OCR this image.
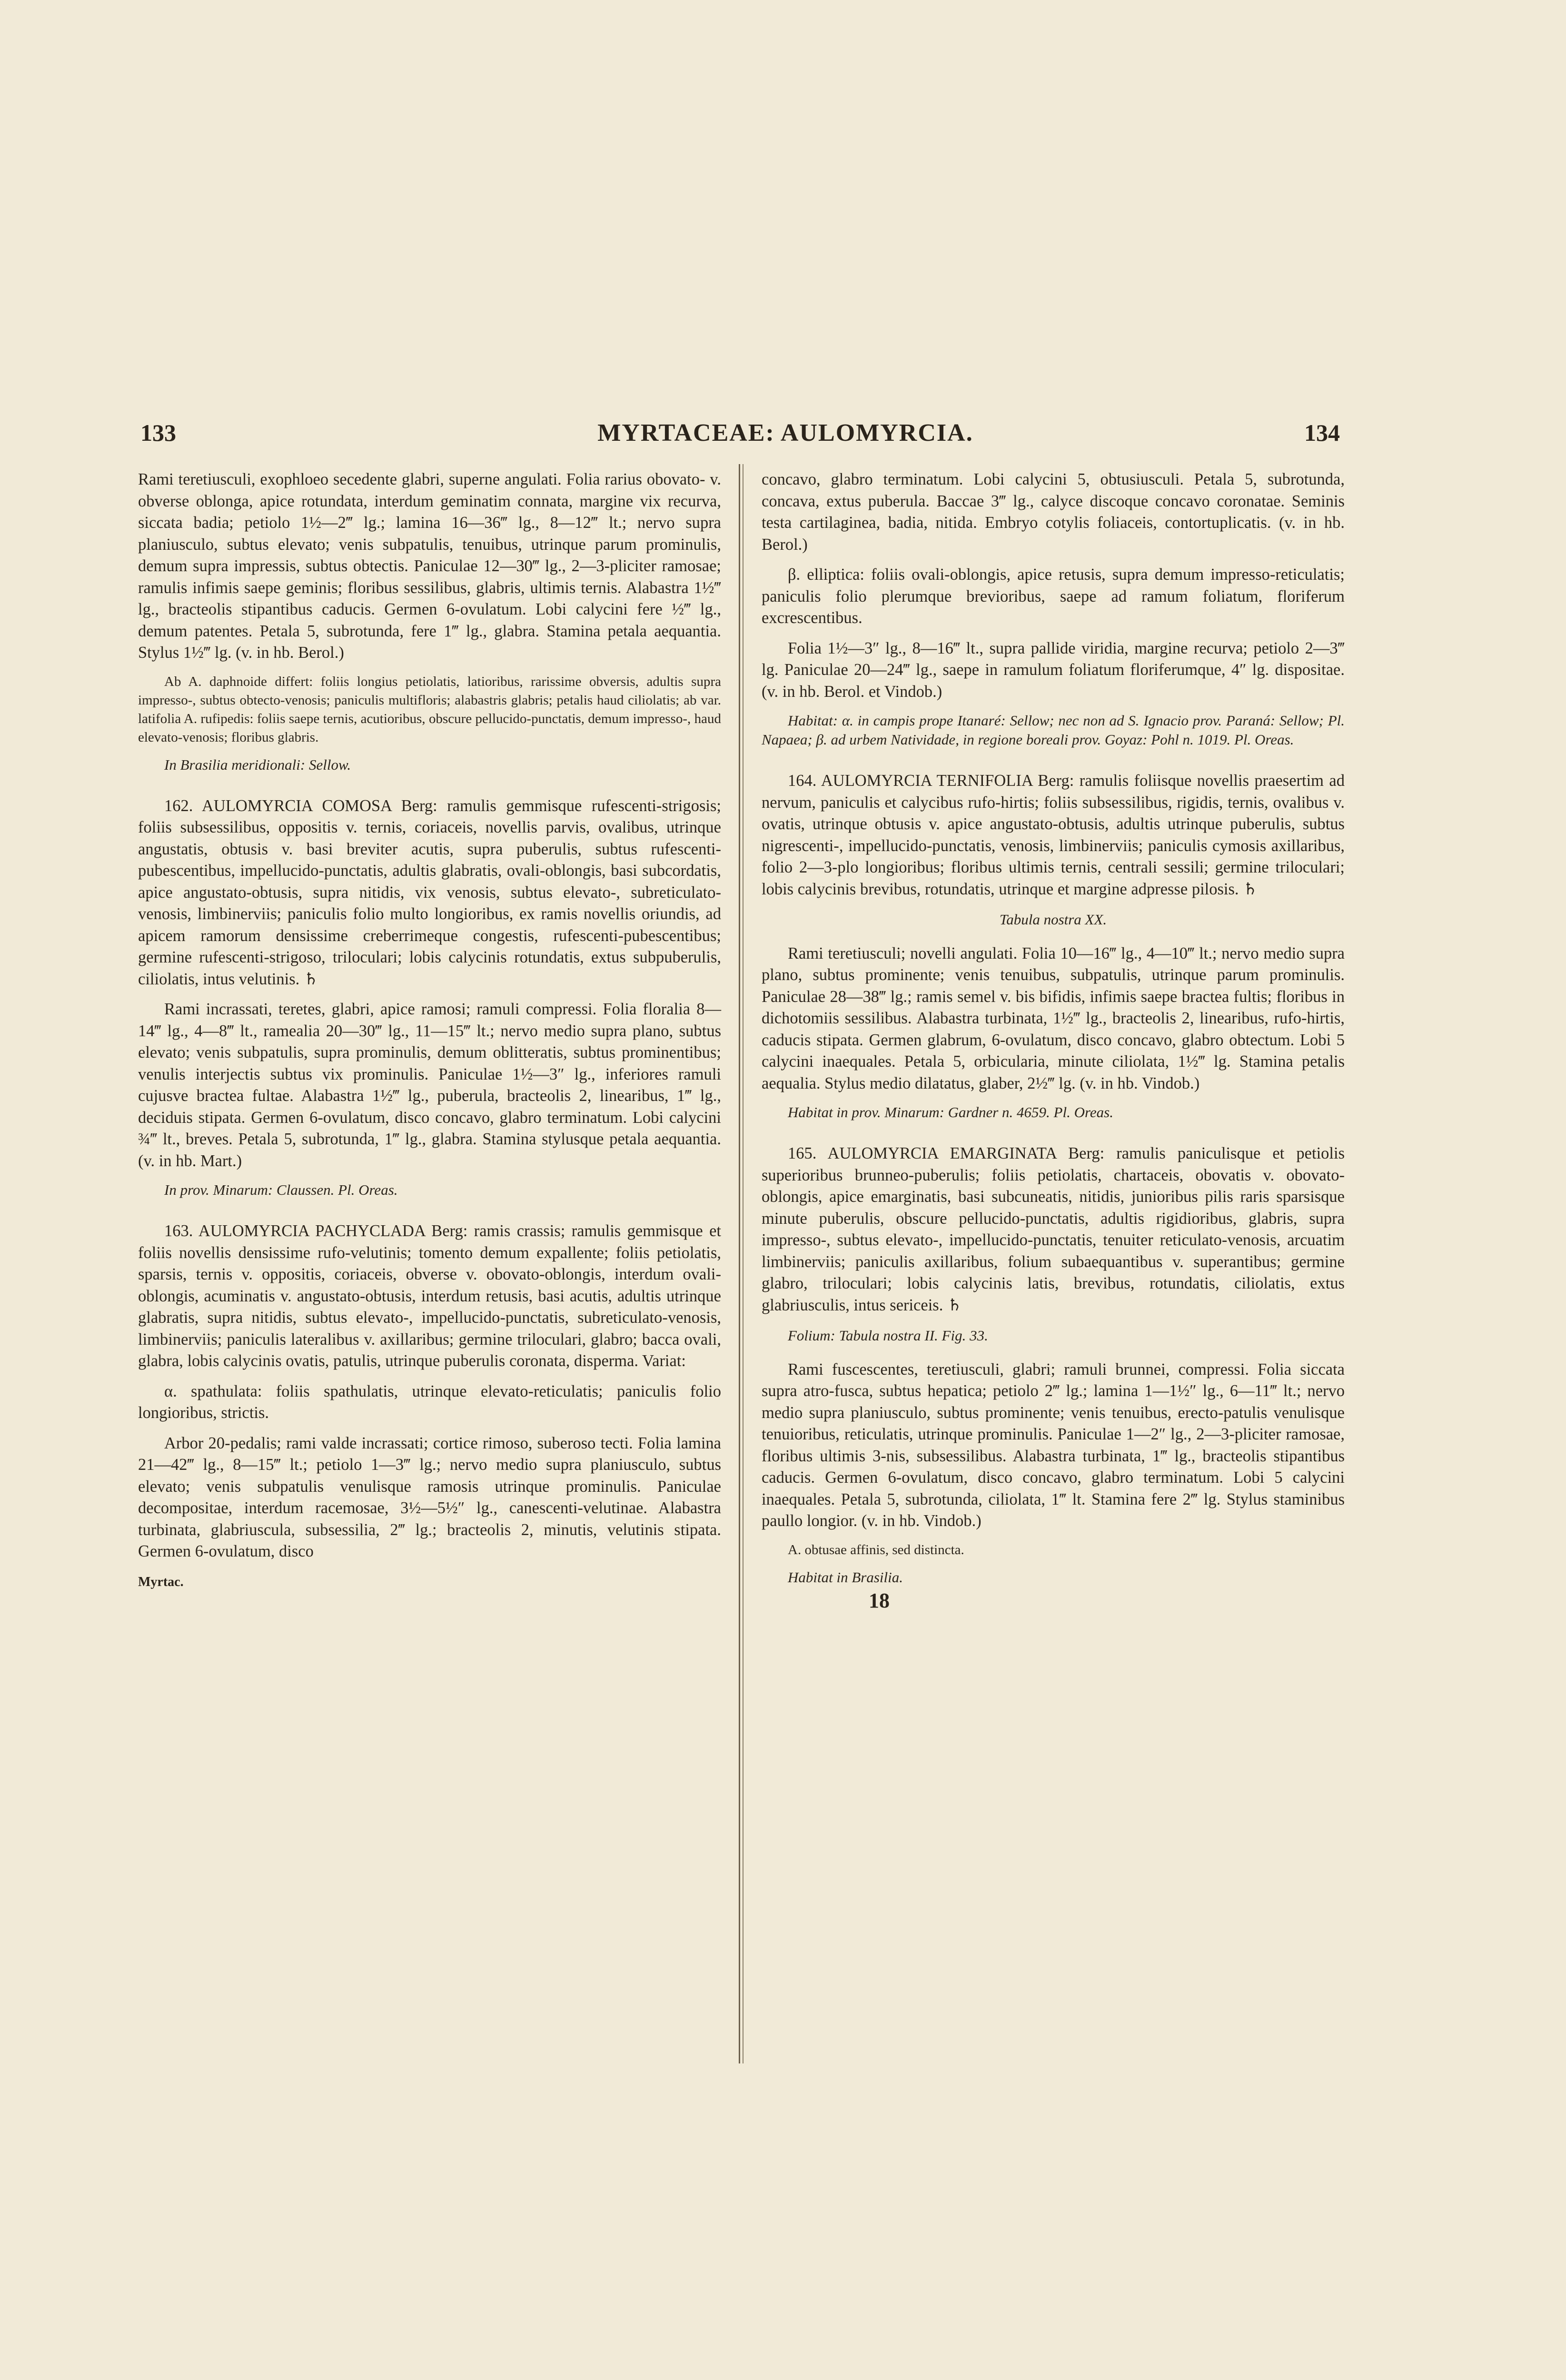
133	MYRTACEAE: AULOMYRCIA.	134

Rami teretiusculi, exophloeo secedente glabri, superne angulati. Folia rarius obovato- v. obverse oblonga, apice rotundata, interdum geminatim connata, margine vix recurva, siccata badia; petiolo 1½—2‴ lg.; lamina 16—36‴ lg., 8—12‴ lt.; nervo supra planiusculo, subtus elevato; venis subpatulis, tenuibus, utrinque parum prominulis, demum supra impressis, subtus obtectis. Paniculae 12—30‴ lg., 2—3-pliciter ramosae; ramulis infimis saepe geminis; floribus sessilibus, glabris, ultimis ternis. Alabastra 1½‴ lg., bracteolis stipantibus caducis. Germen 6-ovulatum. Lobi calycini fere ½‴ lg., demum patentes. Petala 5, subrotunda, fere 1‴ lg., glabra. Stamina petala aequantia. Stylus 1½‴ lg. (v. in hb. Berol.)

Ab A. daphnoide differt: foliis longius petiolatis, latioribus, rarissime obversis, adultis supra impresso-, subtus obtecto-venosis; paniculis multifloris; alabastris glabris; petalis haud ciliolatis; ab var. latifolia A. rufipedis: foliis saepe ternis, acutioribus, obscure pellucido-punctatis, demum impresso-, haud elevato-venosis; floribus glabris.

In Brasilia meridionali: Sellow.

162. AULOMYRCIA COMOSA Berg: ramulis gemmisque rufescenti-strigosis; foliis subsessilibus, oppositis v. ternis, coriaceis, novellis parvis, ovalibus, utrinque angustatis, obtusis v. basi breviter acutis, supra puberulis, subtus rufescenti-pubescentibus, impellucido-punctatis, adultis glabratis, ovali-oblongis, basi subcordatis, apice angustato-obtusis, supra nitidis, vix venosis, subtus elevato-, subreticulato-venosis, limbinerviis; paniculis folio multo longioribus, ex ramis novellis oriundis, ad apicem ramorum densissime creberrimeque congestis, rufescenti-pubescentibus; germine rufescenti-strigoso, triloculari; lobis calycinis rotundatis, extus subpuberulis, ciliolatis, intus velutinis. ♄

Rami incrassati, teretes, glabri, apice ramosi; ramuli compressi. Folia floralia 8—14‴ lg., 4—8‴ lt., ramealia 20—30‴ lg., 11—15‴ lt.; nervo medio supra plano, subtus elevato; venis subpatulis, supra prominulis, demum oblitteratis, subtus prominentibus; venulis interjectis subtus vix prominulis. Paniculae 1½—3″ lg., inferiores ramuli cujusve bractea fultae. Alabastra 1½‴ lg., puberula, bracteolis 2, linearibus, 1‴ lg., deciduis stipata. Germen 6-ovulatum, disco concavo, glabro terminatum. Lobi calycini ¾‴ lt., breves. Petala 5, subrotunda, 1‴ lg., glabra. Stamina stylusque petala aequantia. (v. in hb. Mart.)

In prov. Minarum: Claussen. Pl. Oreas.

163. AULOMYRCIA PACHYCLADA Berg: ramis crassis; ramulis gemmisque et foliis novellis densissime rufo-velutinis; tomento demum expallente; foliis petiolatis, sparsis, ternis v. oppositis, coriaceis, obverse v. obovato-oblongis, interdum ovali-oblongis, acuminatis v. angustato-obtusis, interdum retusis, basi acutis, adultis utrinque glabratis, supra nitidis, subtus elevato-, impellucido-punctatis, subreticulato-venosis, limbinerviis; paniculis lateralibus v. axillaribus; germine triloculari, glabro; bacca ovali, glabra, lobis calycinis ovatis, patulis, utrinque puberulis coronata, disperma. Variat:

α. spathulata: foliis spathulatis, utrinque elevato-reticulatis; paniculis folio longioribus, strictis.

Arbor 20-pedalis; rami valde incrassati; cortice rimoso, suberoso tecti. Folia lamina 21—42‴ lg., 8—15‴ lt.; petiolo 1—3‴ lg.; nervo medio supra planiusculo, subtus elevato; venis subpatulis venulisque ramosis utrinque prominulis. Paniculae decompositae, interdum racemosae, 3½—5½″ lg., canescenti-velutinae. Alabastra turbinata, glabriuscula, subsessilia, 2‴ lg.; bracteolis 2, minutis, velutinis stipata. Germen 6-ovulatum, disco

Myrtac.

concavo, glabro terminatum. Lobi calycini 5, obtusiusculi. Petala 5, subrotunda, concava, extus puberula. Baccae 3‴ lg., calyce discoque concavo coronatae. Seminis testa cartilaginea, badia, nitida. Embryo cotylis foliaceis, contortuplicatis. (v. in hb. Berol.)

β. elliptica: foliis ovali-oblongis, apice retusis, supra demum impresso-reticulatis; paniculis folio plerumque brevioribus, saepe ad ramum foliatum, floriferum excrescentibus.

Folia 1½—3″ lg., 8—16‴ lt., supra pallide viridia, margine recurva; petiolo 2—3‴ lg. Paniculae 20—24‴ lg., saepe in ramulum foliatum floriferumque, 4″ lg. dispositae. (v. in hb. Berol. et Vindob.)

Habitat: α. in campis prope Itanaré: Sellow; nec non ad S. Ignacio prov. Paraná: Sellow; Pl. Napaea; β. ad urbem Natividade, in regione boreali prov. Goyaz: Pohl n. 1019. Pl. Oreas.

164. AULOMYRCIA TERNIFOLIA Berg: ramulis foliisque novellis praesertim ad nervum, paniculis et calycibus rufo-hirtis; foliis subsessilibus, rigidis, ternis, ovalibus v. ovatis, utrinque obtusis v. apice angustato-obtusis, adultis utrinque puberulis, subtus nigrescenti-, impellucido-punctatis, venosis, limbinerviis; paniculis cymosis axillaribus, folio 2—3-plo longioribus; floribus ultimis ternis, centrali sessili; germine triloculari; lobis calycinis brevibus, rotundatis, utrinque et margine adpresse pilosis. ♄

Tabula nostra XX.

Rami teretiusculi; novelli angulati. Folia 10—16‴ lg., 4—10‴ lt.; nervo medio supra plano, subtus prominente; venis tenuibus, subpatulis, utrinque parum prominulis. Paniculae 28—38‴ lg.; ramis semel v. bis bifidis, infimis saepe bractea fultis; floribus in dichotomiis sessilibus. Alabastra turbinata, 1½‴ lg., bracteolis 2, linearibus, rufo-hirtis, caducis stipata. Germen glabrum, 6-ovulatum, disco concavo, glabro obtectum. Lobi 5 calycini inaequales. Petala 5, orbicularia, minute ciliolata, 1½‴ lg. Stamina petalis aequalia. Stylus medio dilatatus, glaber, 2½‴ lg. (v. in hb. Vindob.)

Habitat in prov. Minarum: Gardner n. 4659. Pl. Oreas.

165. AULOMYRCIA EMARGINATA Berg: ramulis paniculisque et petiolis superioribus brunneo-puberulis; foliis petiolatis, chartaceis, obovatis v. obovato-oblongis, apice emarginatis, basi subcuneatis, nitidis, junioribus pilis raris sparsisque minute puberulis, obscure pellucido-punctatis, adultis rigidioribus, glabris, supra impresso-, subtus elevato-, impellucido-punctatis, tenuiter reticulato-venosis, arcuatim limbinerviis; paniculis axillaribus, folium subaequantibus v. superantibus; germine glabro, triloculari; lobis calycinis latis, brevibus, rotundatis, ciliolatis, extus glabriusculis, intus sericeis. ♄

Folium: Tabula nostra II. Fig. 33.

Rami fuscescentes, teretiusculi, glabri; ramuli brunnei, compressi. Folia siccata supra atro-fusca, subtus hepatica; petiolo 2‴ lg.; lamina 1—1½″ lg., 6—11‴ lt.; nervo medio supra planiusculo, subtus prominente; venis tenuibus, erecto-patulis venulisque tenuioribus, reticulatis, utrinque prominulis. Paniculae 1—2″ lg., 2—3-pliciter ramosae, floribus ultimis 3-nis, subsessilibus. Alabastra turbinata, 1‴ lg., bracteolis stipantibus caducis. Germen 6-ovulatum, disco concavo, glabro terminatum. Lobi 5 calycini inaequales. Petala 5, subrotunda, ciliolata, 1‴ lt. Stamina fere 2‴ lg. Stylus staminibus paullo longior. (v. in hb. Vindob.)

A. obtusae affinis, sed distincta.

Habitat in Brasilia.

18
